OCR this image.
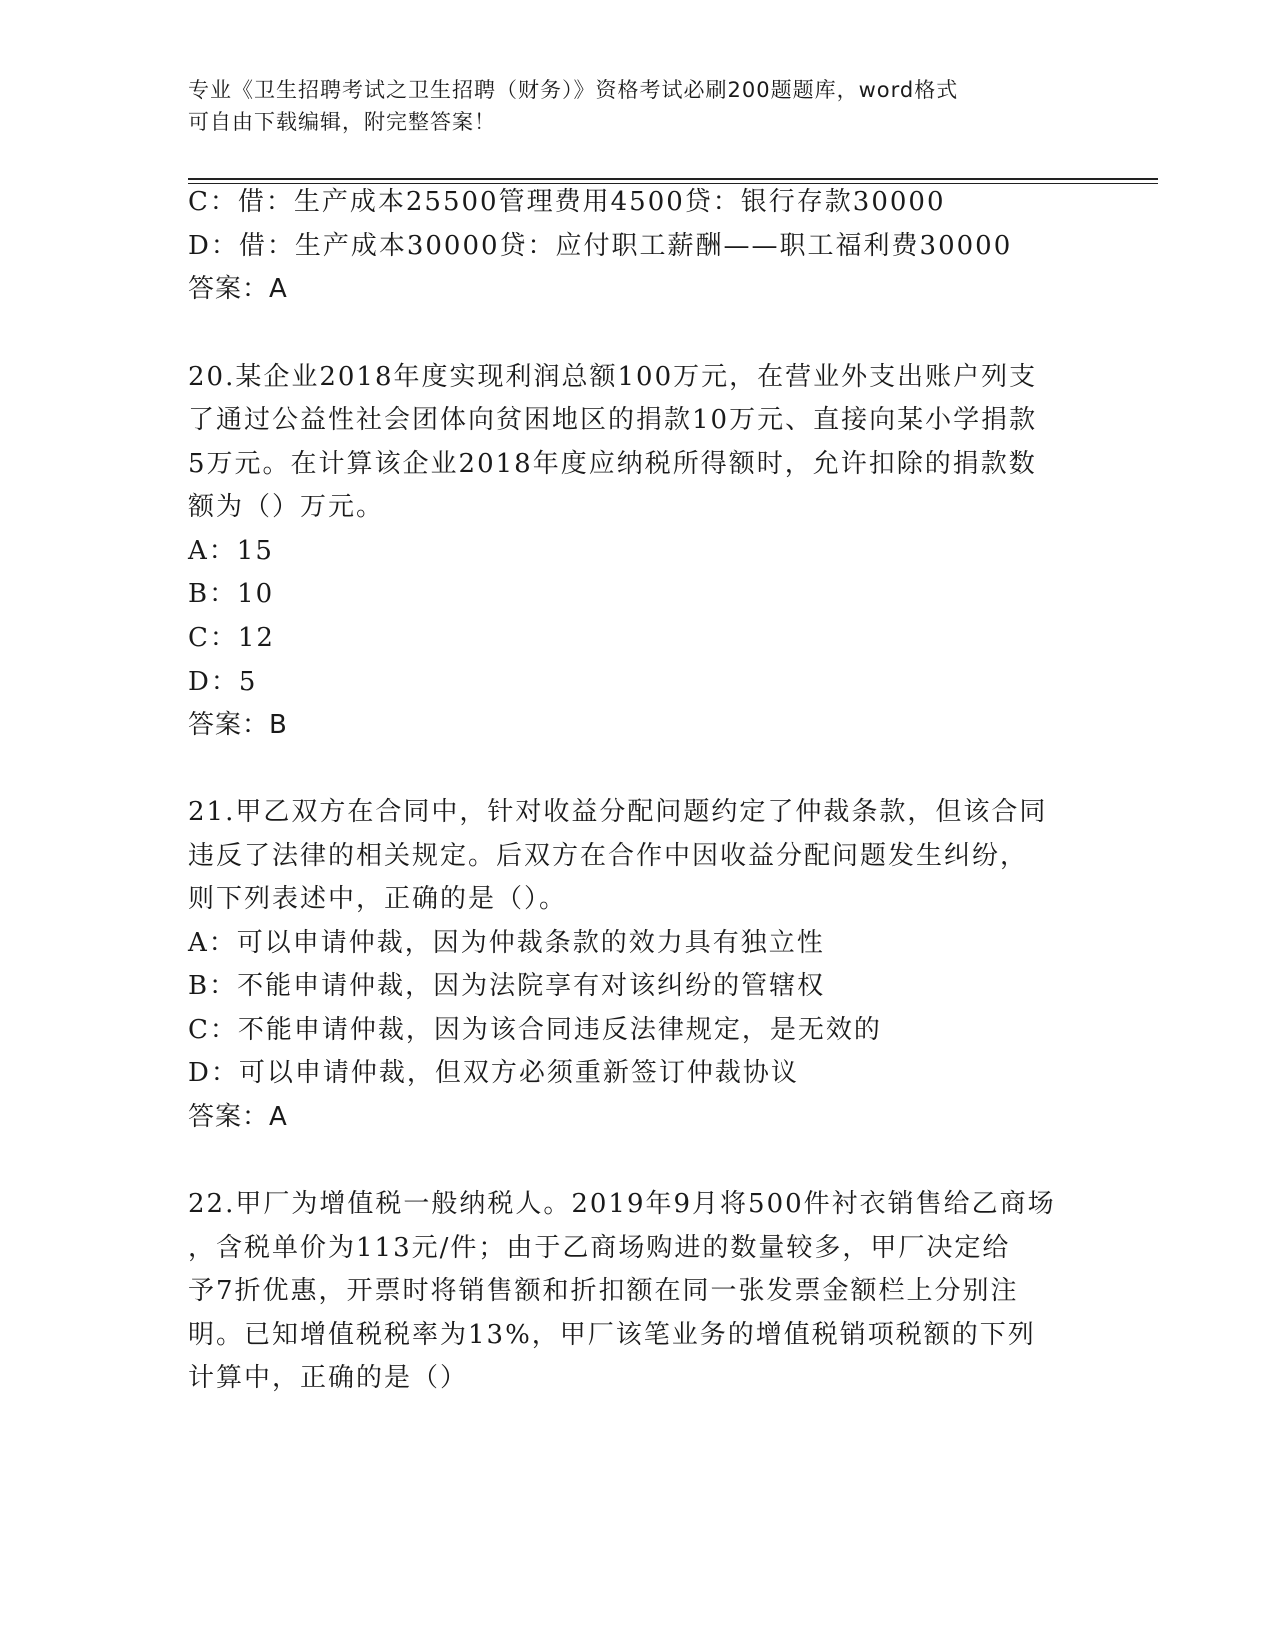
专业《卫生招聘考试之卫生招聘（财务）》资格考试必刷200题题库，word格式
可自由下载编辑，附完整答案！
C：借：生产成本25500管理费用4500贷：银行存款30000
D：借：生产成本30000贷：应付职工薪酬——职工福利费30000
答案：A
20.某企业2018年度实现利润总额100万元，在营业外支出账户列支
了通过公益性社会团体向贫困地区的捐款10万元、直接向某小学捐款
5万元。在计算该企业2018年度应纳税所得额时，允许扣除的捐款数
额为（）万元。
A：15
B：10
C：12
D：5
答案：B
21.甲乙双方在合同中，针对收益分配问题约定了仲裁条款，但该合同
违反了法律的相关规定。后双方在合作中因收益分配问题发生纠纷，
则下列表述中，正确的是（）。
A：可以申请仲裁，因为仲裁条款的效力具有独立性
B：不能申请仲裁，因为法院享有对该纠纷的管辖权
C：不能申请仲裁，因为该合同违反法律规定，是无效的
D：可以申请仲裁，但双方必须重新签订仲裁协议
答案：A
22.甲厂为增值税一般纳税人。2019年9月将500件衬衣销售给乙商场
，含税单价为113元/件；由于乙商场购进的数量较多，甲厂决定给
予7折优惠，开票时将销售额和折扣额在同一张发票金额栏上分别注
明。已知增值税税率为13%，甲厂该笔业务的增值税销项税额的下列
计算中，正确的是（）
